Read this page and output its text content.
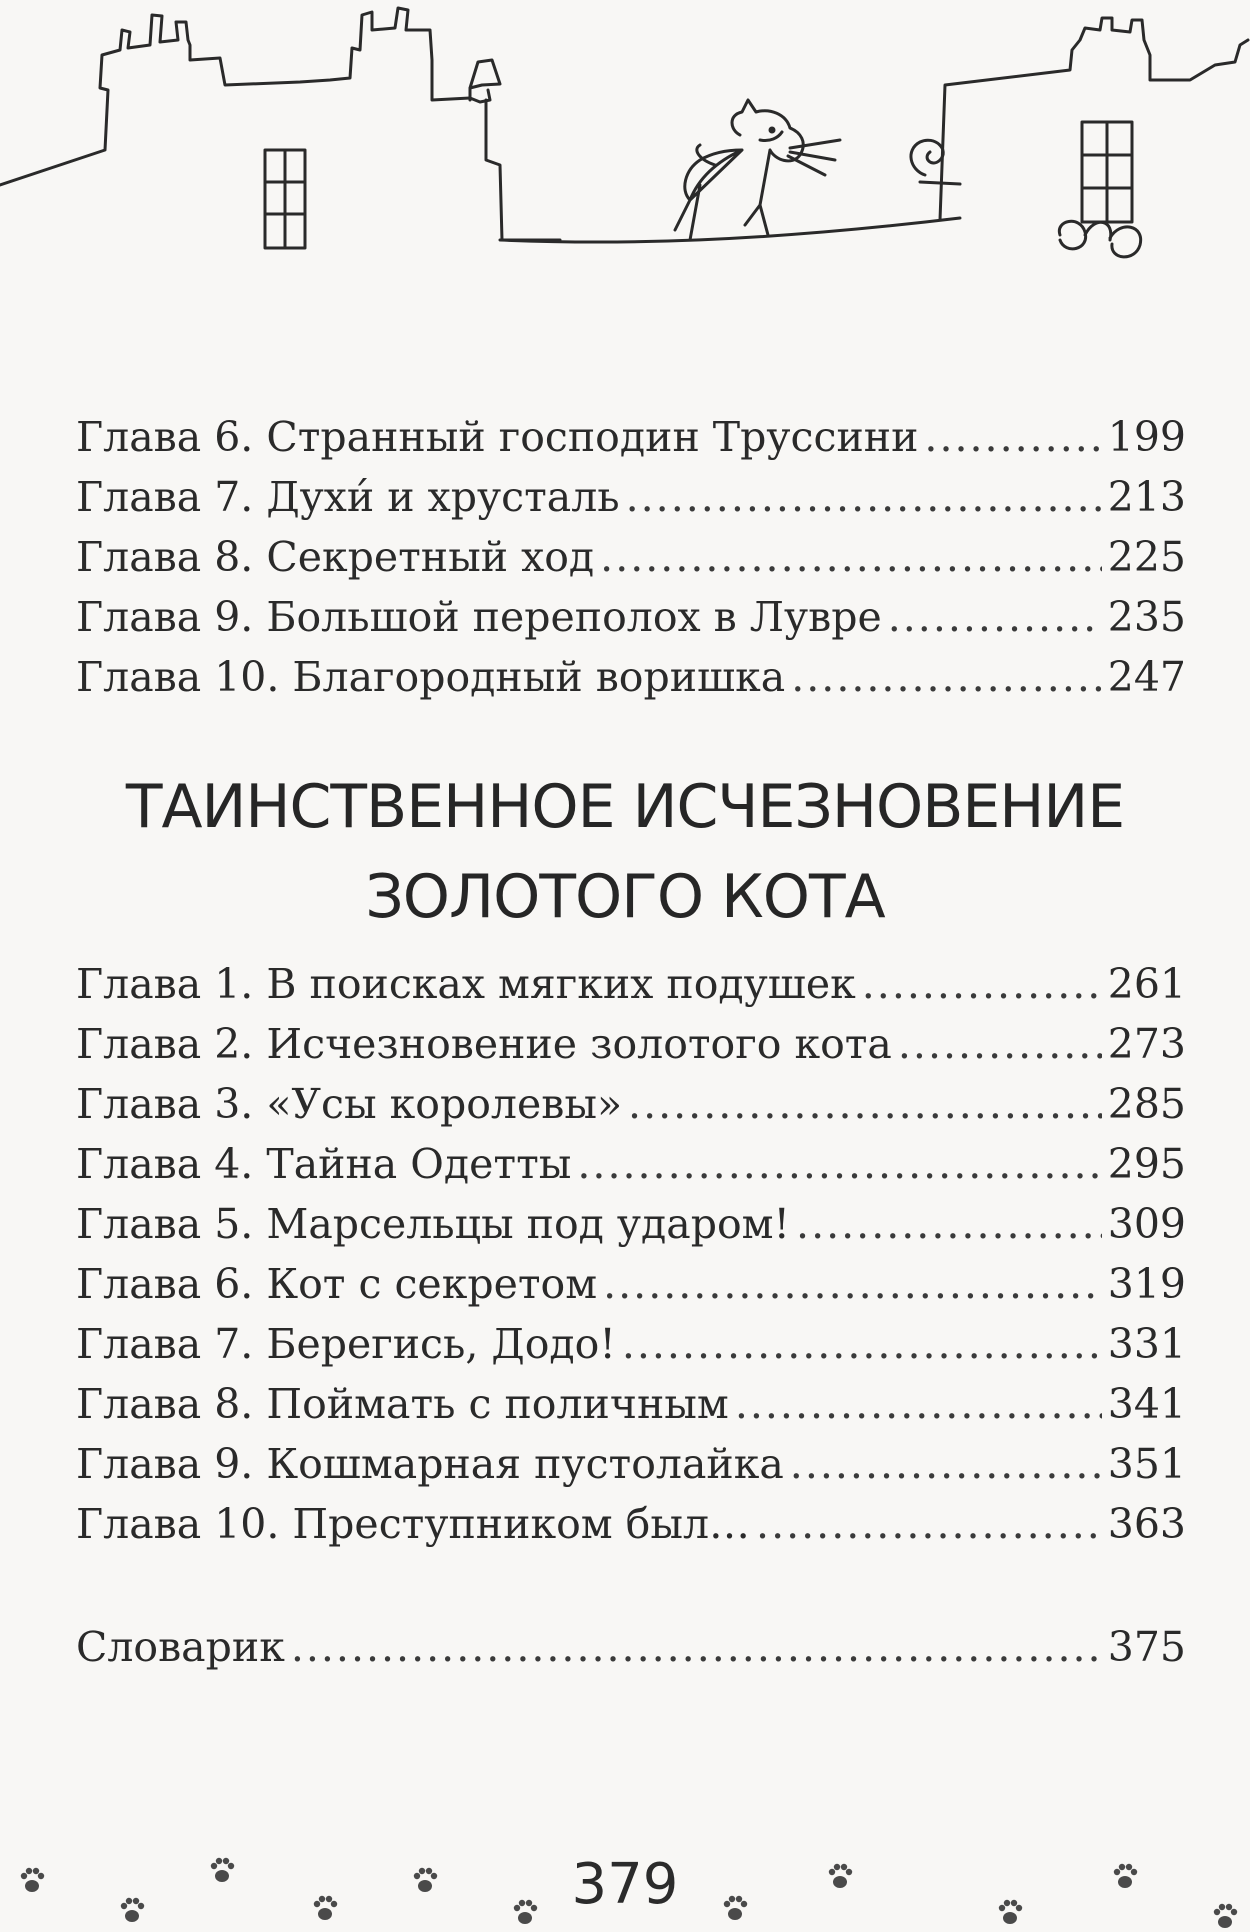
Глава 6. Странный господин Труссини .....	199
Глава 7. Духи́ и хрусталь .....	213
Глава 8. Секретный ход .....	225
Глава 9. Большой переполох в Лувре .....	235
Глава 10. Благородный воришка .....	247
ТАИНСТВЕННОЕ ИСЧЕЗНОВЕНИЕ
ЗОЛОТОГО КОТА
Глава 1. В поисках мягких подушек .....	261
Глава 2. Исчезновение золотого кота .....	273
Глава 3. «Усы королевы» .....	285
Глава 4. Тайна Одетты .....	295
Глава 5. Марсельцы под ударом! .....	309
Глава 6. Кот с секретом .....	319
Глава 7. Берегись, Додо! .....	331
Глава 8. Поймать с поличным .....	341
Глава 9. Кошмарная пустолайка .....	351
Глава 10. Преступником был… .....	363
Словарик .....	375
379
